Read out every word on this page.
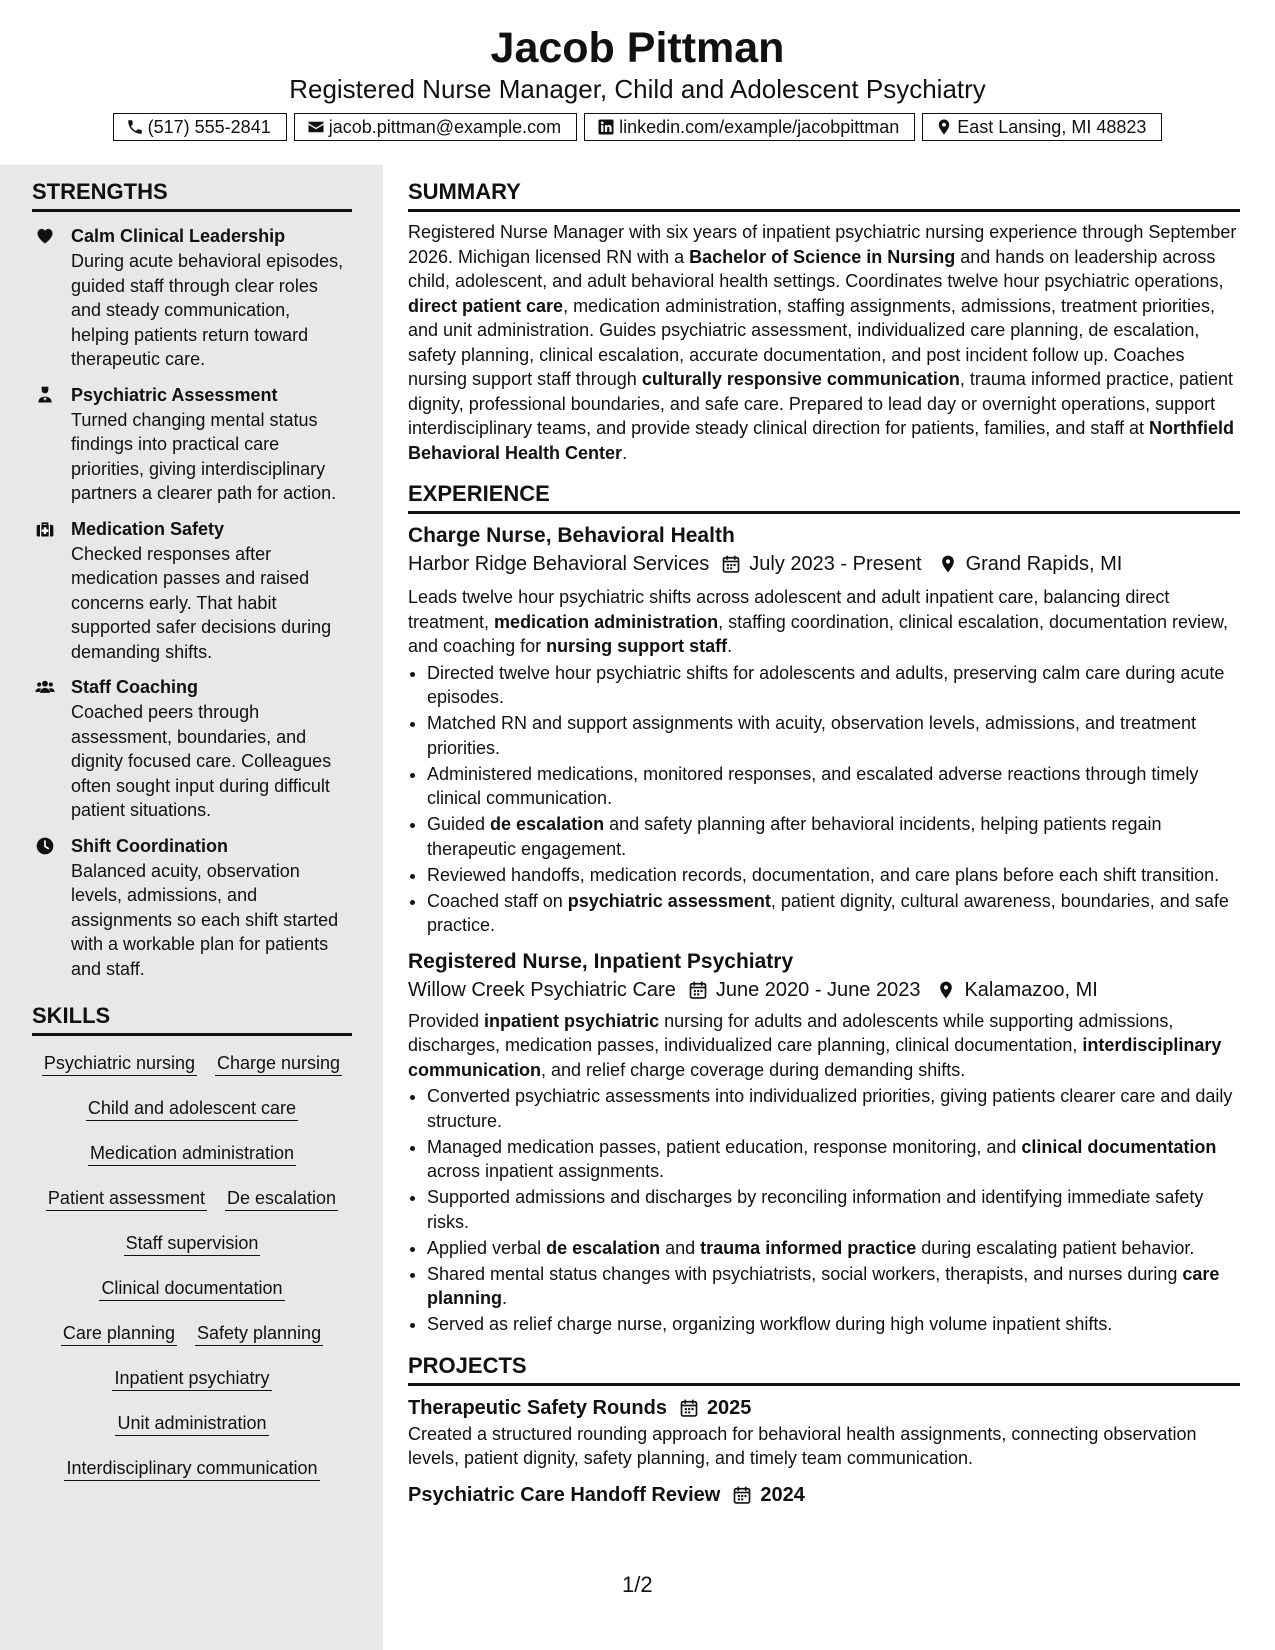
Jacob Pittman
Registered Nurse Manager, Child and Adolescent Psychiatry
(517) 555-2841	jacob.pittman@example.com	linkedin.com/example/jacobpittman	East Lansing, MI 48823
STRENGTHS
Calm Clinical Leadership
During acute behavioral episodes, guided staff through clear roles and steady communication, helping patients return toward therapeutic care.
Psychiatric Assessment
Turned changing mental status findings into practical care priorities, giving interdisciplinary partners a clearer path for action.
Medication Safety
Checked responses after medication passes and raised concerns early. That habit supported safer decisions during demanding shifts.
Staff Coaching
Coached peers through assessment, boundaries, and dignity focused care. Colleagues often sought input during difficult patient situations.
Shift Coordination
Balanced acuity, observation levels, admissions, and assignments so each shift started with a workable plan for patients and staff.
SKILLS
Psychiatric nursing Charge nursing
Child and adolescent care
Medication administration
Patient assessment De escalation
Staff supervision
Clinical documentation
Care planning Safety planning
Inpatient psychiatry
Unit administration
Interdisciplinary communication
SUMMARY
Registered Nurse Manager with six years of inpatient psychiatric nursing experience through September 2026. Michigan licensed RN with a Bachelor of Science in Nursing and hands on leadership across child, adolescent, and adult behavioral health settings. Coordinates twelve hour psychiatric operations, direct patient care, medication administration, staffing assignments, admissions, treatment priorities, and unit administration. Guides psychiatric assessment, individualized care planning, de escalation, safety planning, clinical escalation, accurate documentation, and post incident follow up. Coaches nursing support staff through culturally responsive communication, trauma informed practice, patient dignity, professional boundaries, and safe care. Prepared to lead day or overnight operations, support interdisciplinary teams, and provide steady clinical direction for patients, families, and staff at Northfield Behavioral Health Center.
EXPERIENCE
Charge Nurse, Behavioral Health
Harbor Ridge Behavioral Services July 2023 - Present Grand Rapids, MI
Leads twelve hour psychiatric shifts across adolescent and adult inpatient care, balancing direct treatment, medication administration, staffing coordination, clinical escalation, documentation review, and coaching for nursing support staff.
• Directed twelve hour psychiatric shifts for adolescents and adults, preserving calm care during acute episodes.
• Matched RN and support assignments with acuity, observation levels, admissions, and treatment priorities.
• Administered medications, monitored responses, and escalated adverse reactions through timely clinical communication.
• Guided de escalation and safety planning after behavioral incidents, helping patients regain therapeutic engagement.
• Reviewed handoffs, medication records, documentation, and care plans before each shift transition.
• Coached staff on psychiatric assessment, patient dignity, cultural awareness, boundaries, and safe practice.
Registered Nurse, Inpatient Psychiatry
Willow Creek Psychiatric Care June 2020 - June 2023 Kalamazoo, MI
Provided inpatient psychiatric nursing for adults and adolescents while supporting admissions, discharges, medication passes, individualized care planning, clinical documentation, interdisciplinary communication, and relief charge coverage during demanding shifts.
• Converted psychiatric assessments into individualized priorities, giving patients clearer care and daily structure.
• Managed medication passes, patient education, response monitoring, and clinical documentation across inpatient assignments.
• Supported admissions and discharges by reconciling information and identifying immediate safety risks.
• Applied verbal de escalation and trauma informed practice during escalating patient behavior.
• Shared mental status changes with psychiatrists, social workers, therapists, and nurses during care planning.
• Served as relief charge nurse, organizing workflow during high volume inpatient shifts.
PROJECTS
Therapeutic Safety Rounds 2025
Created a structured rounding approach for behavioral health assignments, connecting observation levels, patient dignity, safety planning, and timely team communication.
Psychiatric Care Handoff Review 2024
1/2
